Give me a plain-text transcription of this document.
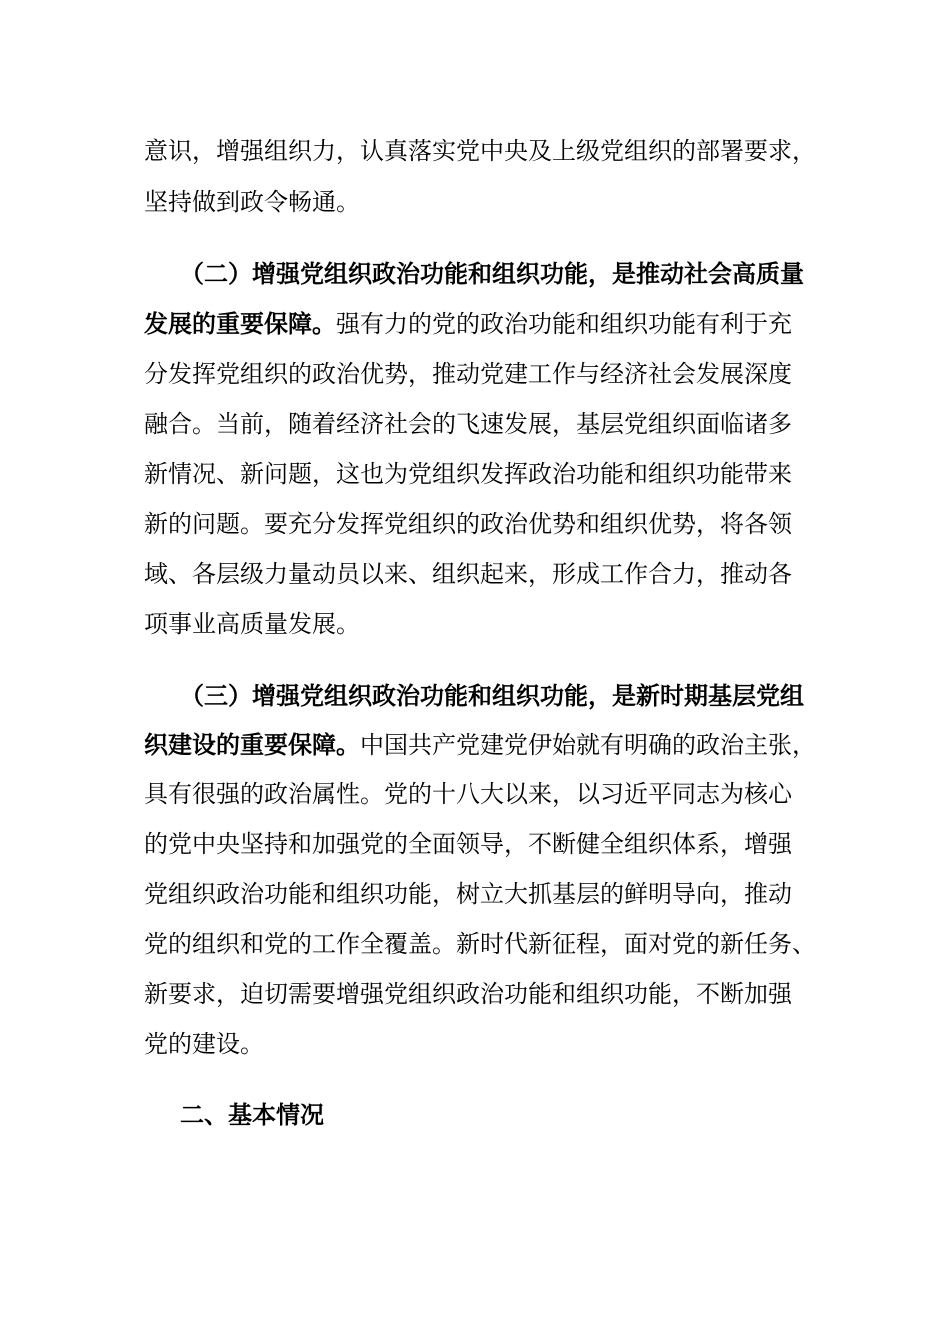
意识，增强组织力，认真落实党中央及上级党组织的部署要求，
坚持做到政令畅通。
（二）增强党组织政治功能和组织功能，是推动社会高质量
发展的重要保障。 强有力的党的政治功能和组织功能有利于充
分发挥党组织的政治优势，推动党建工作与经济社会发展深度
融合。当前，随着经济社会的飞速发展，基层党组织面临诸多
新情况、新问题，这也为党组织发挥政治功能和组织功能带来
新的问题。要充分发挥党组织的政治优势和组织优势，将各领
域、各层级力量动员以来、组织起来，形成工作合力，推动各
项事业高质量发展。
（三）增强党组织政治功能和组织功能，是新时期基层党组
织建设的重要保障。 中国共产党建党伊始就有明确的政治主张，
具有很强的政治属性。党的十八大以来，以习近平同志为核心
的党中央坚持和加强党的全面领导，不断健全组织体系，增强
党组织政治功能和组织功能，树立大抓基层的鲜明导向，推动
党的组织和党的工作全覆盖。新时代新征程，面对党的新任务、
新要求，迫切需要增强党组织政治功能和组织功能，不断加强
党的建设。
二、基本情况
